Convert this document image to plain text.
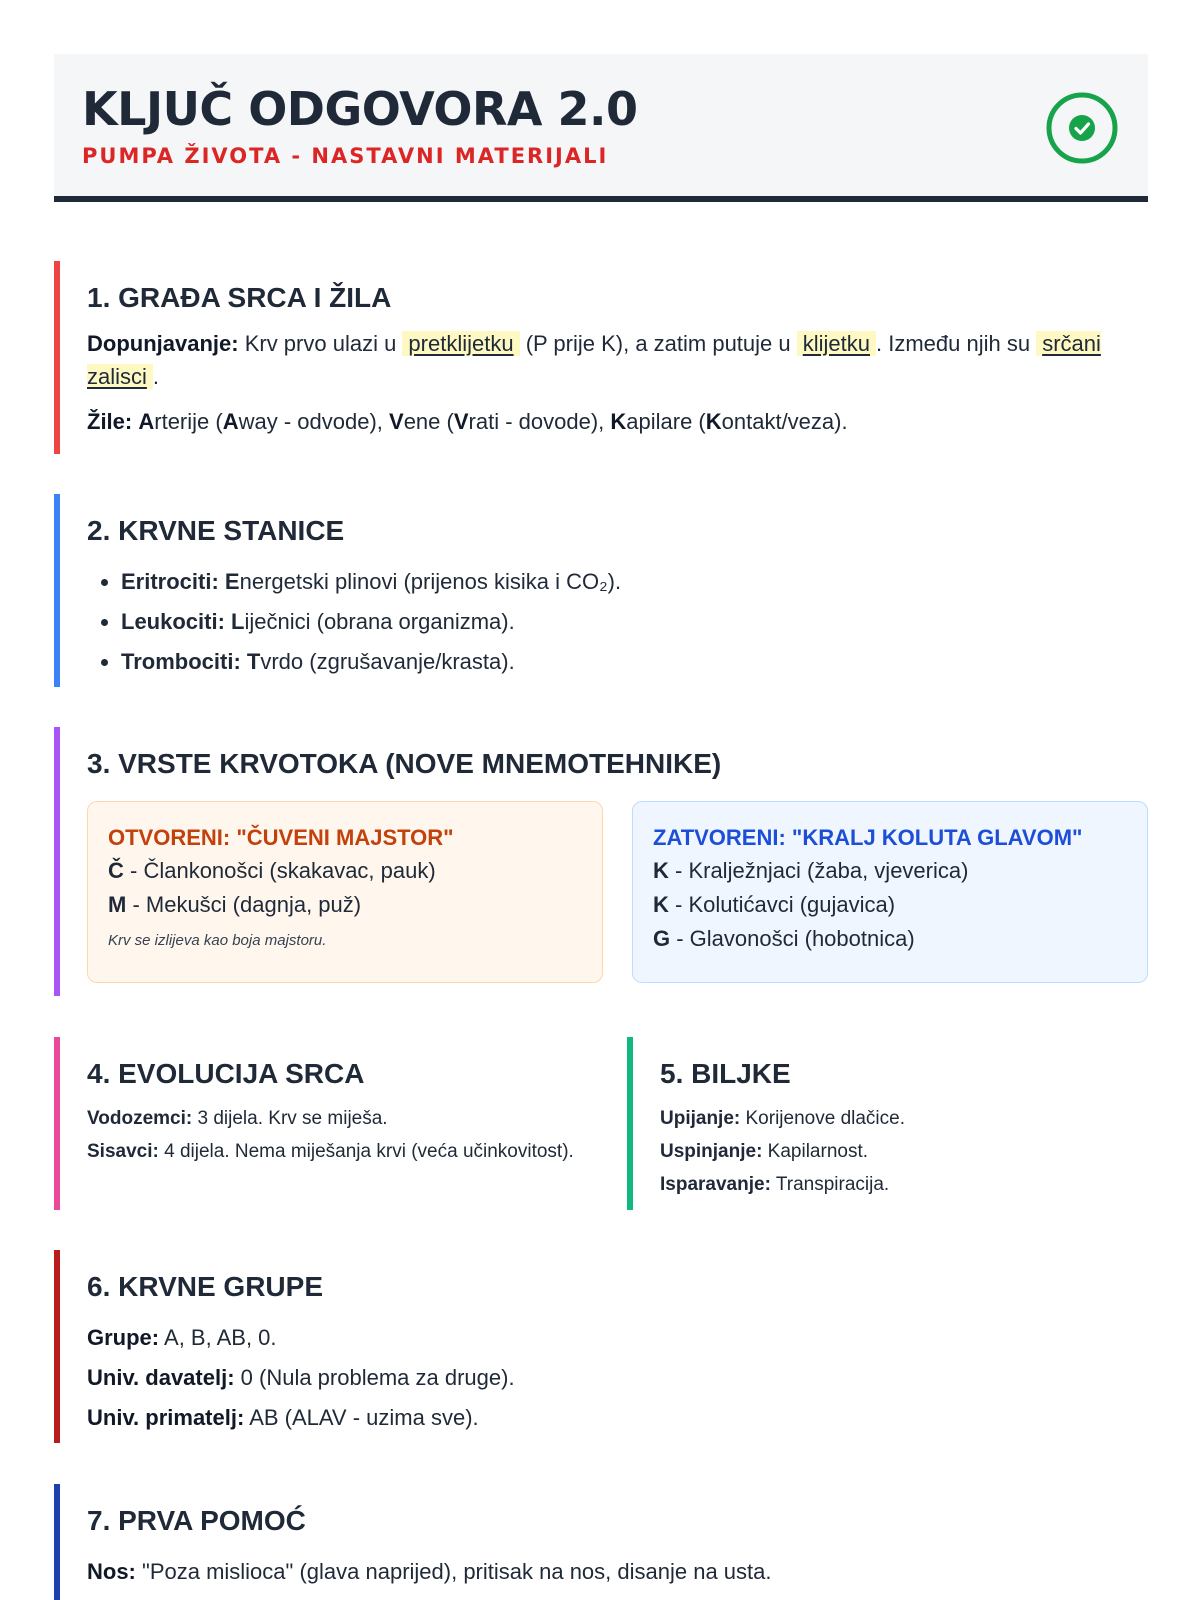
KLJUČ ODGOVORA 2.0
PUMPA ŽIVOTA - NASTAVNI MATERIJALI
1. GRAĐA SRCA I ŽILA

Dopunjavanje: Krv prvo ulazi u pretklijetku (P prije K), a zatim putuje u klijetku . Između njih su srčani zalisci .

Žile: Arterije (Away - odvode), Vene (Vrati - dovode), Kapilare (Kontakt/veza).

2. KRVNE STANICE
• Eritrociti: Energetski plinovi (prijenos kisika i CO₂).
• Leukociti: Liječnici (obrana organizma).
• Trombociti: Tvrdo (zgrušavanje/krasta).
3. VRSTE KRVOTOKA (NOVE MNEMOTEHNIKE)

OTVORENI: "ČUVENI MAJSTOR"

Č - Člankonošci (skakavac, pauk)

M - Mekušci (dagnja, puž)

Krv se izlijeva kao boja majstoru.

ZATVORENI: "KRALJ KOLUTA GLAVOM"

K - Kralježnjaci (žaba, vjeverica)

K - Kolutićavci (gujavica)

G - Glavonošci (hobotnica)

4. EVOLUCIJA SRCA

Vodozemci: 3 dijela. Krv se miješa.

Sisavci: 4 dijela. Nema miješanja krvi (veća učinkovitost).

5. BILJKE

Upijanje: Korijenove dlačice.

Uspinjanje: Kapilarnost.

Isparavanje: Transpiracija.

6. KRVNE GRUPE

Grupe: A, B, AB, 0.

Univ. davatelj: 0 (Nula problema za druge).

Univ. primatelj: AB (ALAV - uzima sve).

7. PRVA POMOĆ

Nos: "Poza mislioca" (glava naprijed), pritisak na nos, disanje na usta.
